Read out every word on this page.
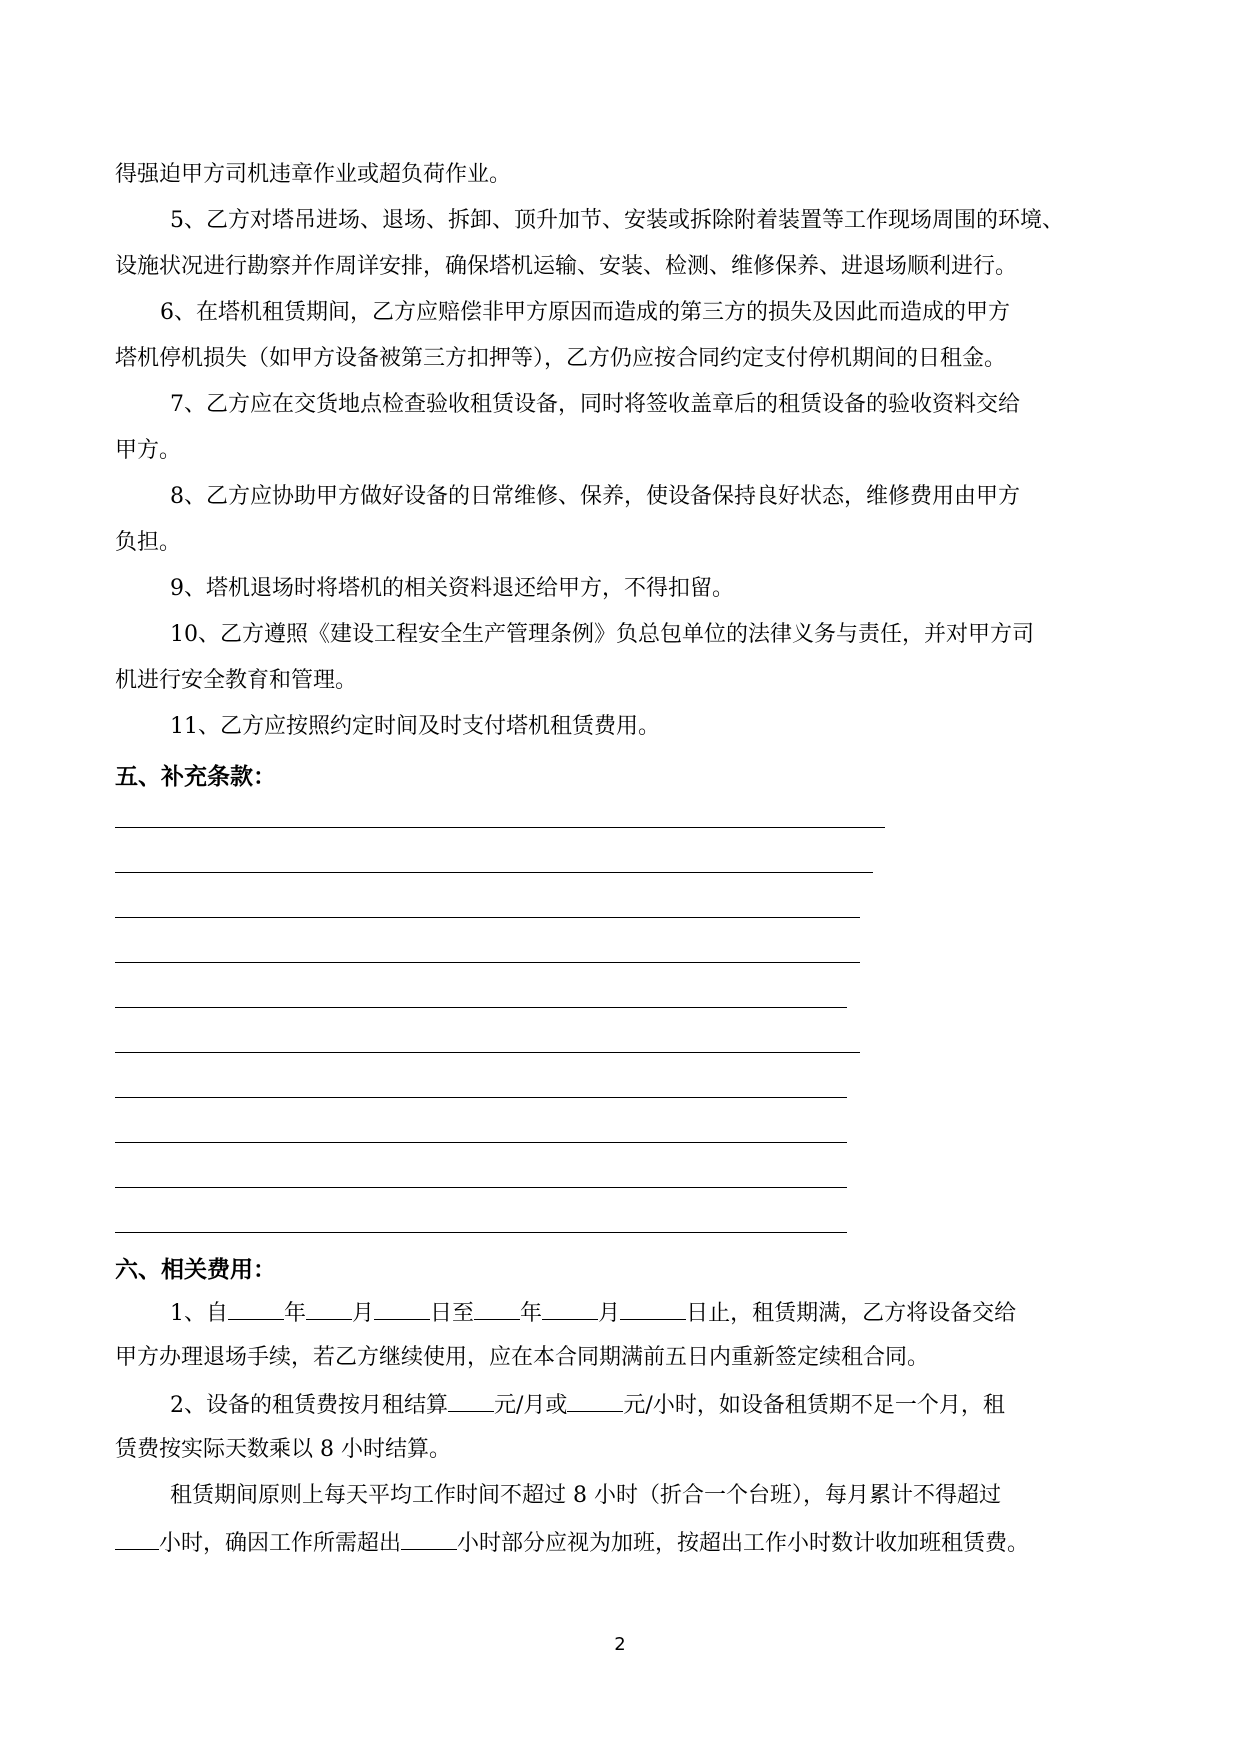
得强迫甲方司机违章作业或超负荷作业。
5、乙方对塔吊进场、退场、拆卸、顶升加节、安装或拆除附着装置等工作现场周围的环境、
设施状况进行勘察并作周详安排，确保塔机运输、安装、检测、维修保养、进退场顺利进行。
6、在塔机租赁期间，乙方应赔偿非甲方原因而造成的第三方的损失及因此而造成的甲方
塔机停机损失（如甲方设备被第三方扣押等），乙方仍应按合同约定支付停机期间的日租金。
7、乙方应在交货地点检查验收租赁设备，同时将签收盖章后的租赁设备的验收资料交给
甲方。
8、乙方应协助甲方做好设备的日常维修、保养，使设备保持良好状态，维修费用由甲方
负担。
9、塔机退场时将塔机的相关资料退还给甲方，不得扣留。
10、乙方遵照《建设工程安全生产管理条例》负总包单位的法律义务与责任，并对甲方司
机进行安全教育和管理。
11、乙方应按照约定时间及时支付塔机租赁费用。
五、补充条款：
六、相关费用：
1、自	年 月	日至 年	月	日止，租赁期满，乙方将设备交给
甲方办理退场手续，若乙方继续使用，应在本合同期满前五日内重新签定续租合同。
2、设备的租赁费按月租结算 元/月或	元/小时，如设备租赁期不足一个月，租
赁费按实际天数乘以 8 小时结算。
租赁期间原则上每天平均工作时间不超过 8 小时（折合一个台班），每月累计不得超过
小时，确因工作所需超出	小时部分应视为加班，按超出工作小时数计收加班租赁费。
2
